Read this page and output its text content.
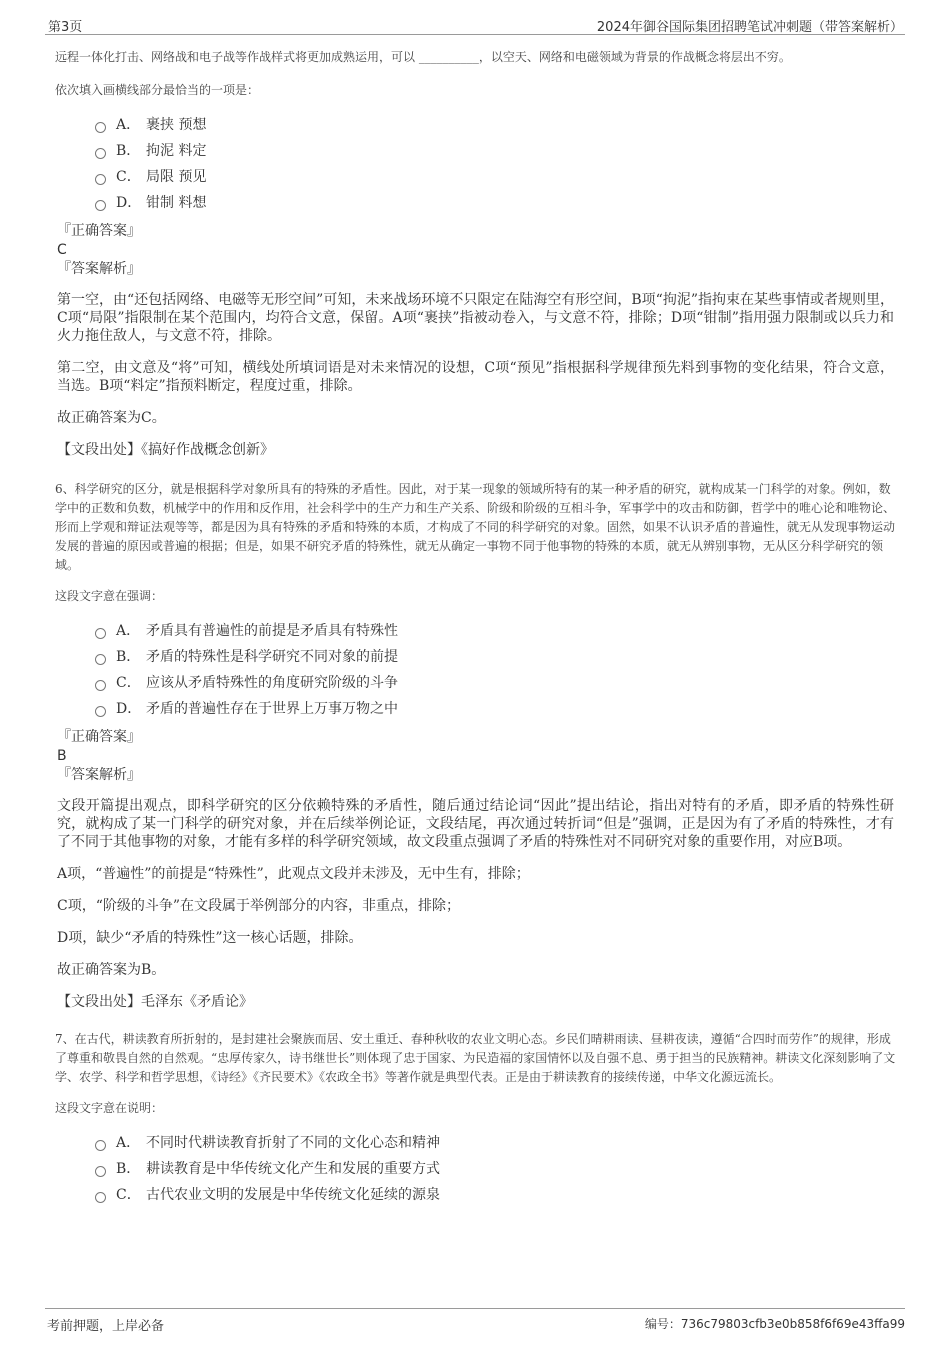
第3页	2024年御谷国际集团招聘笔试冲刺题（带答案解析）

远程一体化打击、网络战和电子战等作战样式将更加成熟运用，可以 __________，以空天、网络和电磁领域为背景的作战概念将层出不穷。

依次填入画横线部分最恰当的一项是：
A． 裹挟 预想
B． 拘泥 料定
C． 局限 预见
D． 钳制 料想
『正确答案』
C
『答案解析』

第一空，由“还包括网络、电磁等无形空间”可知，未来战场环境不只限定在陆海空有形空间，B项“拘泥”指拘束在某些事情或者规则里，C项“局限”指限制在某个范围内，均符合文意，保留。A项“裹挟”指被动卷入，与文意不符，排除；D项“钳制”指用强力限制或以兵力和火力拖住敌人，与文意不符，排除。

第二空，由文意及“将”可知，横线处所填词语是对未来情况的设想，C项“预见”指根据科学规律预先料到事物的变化结果，符合文意，当选。B项“料定”指预料断定，程度过重，排除。

故正确答案为C。

【文段出处】《搞好作战概念创新》

6、科学研究的区分，就是根据科学对象所具有的特殊的矛盾性。因此，对于某一现象的领域所特有的某一种矛盾的研究，就构成某一门科学的对象。例如，数学中的正数和负数，机械学中的作用和反作用，社会科学中的生产力和生产关系、阶级和阶级的互相斗争，军事学中的攻击和防御，哲学中的唯心论和唯物论、形而上学观和辩证法观等等，都是因为具有特殊的矛盾和特殊的本质，才构成了不同的科学研究的对象。固然，如果不认识矛盾的普遍性，就无从发现事物运动发展的普遍的原因或普遍的根据；但是，如果不研究矛盾的特殊性，就无从确定一事物不同于他事物的特殊的本质，就无从辨别事物，无从区分科学研究的领域。

这段文字意在强调：
A． 矛盾具有普遍性的前提是矛盾具有特殊性
B． 矛盾的特殊性是科学研究不同对象的前提
C． 应该从矛盾特殊性的角度研究阶级的斗争
D． 矛盾的普遍性存在于世界上万事万物之中
『正确答案』
B
『答案解析』

文段开篇提出观点，即科学研究的区分依赖特殊的矛盾性，随后通过结论词“因此”提出结论，指出对特有的矛盾，即矛盾的特殊性研究，就构成了某一门科学的研究对象，并在后续举例论证，文段结尾，再次通过转折词“但是”强调，正是因为有了矛盾的特殊性，才有了不同于其他事物的对象，才能有多样的科学研究领域，故文段重点强调了矛盾的特殊性对不同研究对象的重要作用，对应B项。

A项，“普遍性”的前提是“特殊性”，此观点文段并未涉及，无中生有，排除；

C项，“阶级的斗争”在文段属于举例部分的内容，非重点，排除；

D项，缺少“矛盾的特殊性”这一核心话题，排除。

故正确答案为B。

【文段出处】毛泽东《矛盾论》

7、在古代，耕读教育所折射的，是封建社会聚族而居、安土重迁、春种秋收的农业文明心态。乡民们晴耕雨读、昼耕夜读，遵循“合四时而劳作”的规律，形成了尊重和敬畏自然的自然观。“忠厚传家久，诗书继世长”则体现了忠于国家、为民造福的家国情怀以及自强不息、勇于担当的民族精神。耕读文化深刻影响了文学、农学、科学和哲学思想，《诗经》《齐民要术》《农政全书》等著作就是典型代表。正是由于耕读教育的接续传递，中华文化源远流长。

这段文字意在说明：
A． 不同时代耕读教育折射了不同的文化心态和精神
B． 耕读教育是中华传统文化产生和发展的重要方式
C． 古代农业文明的发展是中华传统文化延续的源泉
考前押题，上岸必备	编号：736c79803cfb3e0b858f6f69e43ffa99
